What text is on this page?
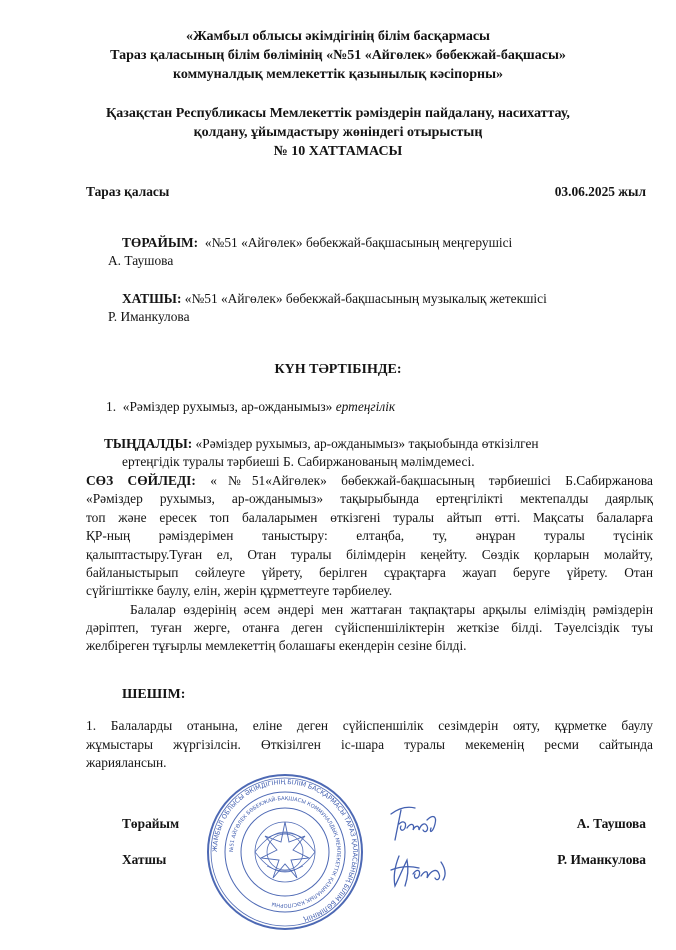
«Жамбыл облысы әкімдігінің білім басқармасы
Тараз қаласының білім бөлімінің «№51 «Айгөлек» бөбекжай-бақшасы»
коммуналдық мемлекеттік қазынылық кәсіпорны»
Қазақстан Республикасы Мемлекеттік рәміздерін пайдалану, насихаттау,
қолдану, ұйымдастыру жөніндегі отырыстың
№ 10 ХАТТАМАСЫ
Тараз қаласы	03.06.2025 жыл
ТӨРАЙЫМ: «№51 «Айгөлек» бөбекжай-бақшасының меңгерушісі
А. Таушова
ХАТШЫ: «№51 «Айгөлек» бөбекжай-бақшасының музыкалық жетекшісі
Р. Иманкулова
КҮН ТӘРТІБІНДЕ:
1. «Рәміздер рухымыз, ар-ожданымыз» ертеңгілік
ТЫҢДАЛДЫ: «Рәміздер рухымыз, ар-ожданымыз» тақыобында өткізілген
ертеңгідік туралы тәрбиеші Б. Сабиржанованың мәлімдемесі.
СӨЗ СӨЙЛЕДІ: «№51«Айгөлек» бөбекжай-бақшасының тәрбиешісі Б.Сабиржанова
«Рәміздер рухымыз, ар-ожданымыз» тақырыбында ертеңгілікті мектепалды даярлық
топ және ересек топ балаларымен өткізгені туралы айтып өтті. Мақсаты балаларға
ҚР-ның рәміздерімен таныстыру: елтаңба, ту, әнұран туралы түсінік
қалыптастыру.Туған ел, Отан туралы білімдерін кеңейту. Сөздік қорларын молайту,
байланыстырып сөйлеуге үйрету, берілген сұрақтарға жауап беруге үйрету. Отан
сүйгіштікке баулу, елін, жерін құрметтеуге тәрбиелеу.
Балалар өздерінің әсем әндері мен жаттаған тақпақтары арқылы еліміздің рәміздерін
дәріптеп, туған жерге, отанға деген сүйіспеншіліктерін жеткізе білді. Тәуелсіздік туы
желбіреген тұғырлы мемлекеттің болашағы екендерін сезіне білді.
ШЕШІМ:
1. Балаларды отанына, еліне деген сүйіспеншілік сезімдерін ояту, құрметке баулу
жұмыстары жүргізілсін. Өткізілген іс-шара туралы мекеменің ресми сайтында
жариялансын.
Төрайым	А. Таушова
Хатшы	Р. Иманкулова
ЖАМБЫЛ ОБЛЫСЫ ӘКІМДІГІНІҢ БІЛІМ БАСҚАРМАСЫ ТАРАЗ ҚАЛАСЫНЫҢ БІЛІМ БӨЛІМІНІҢ
№51 АЙГӨЛЕК БӨБЕКЖАЙ-БАҚШАСЫ КОММУНАЛДЫҚ МЕМЛЕКЕТТІК ҚАЗЫНАЛЫҚ КӘСІПОРНЫ
